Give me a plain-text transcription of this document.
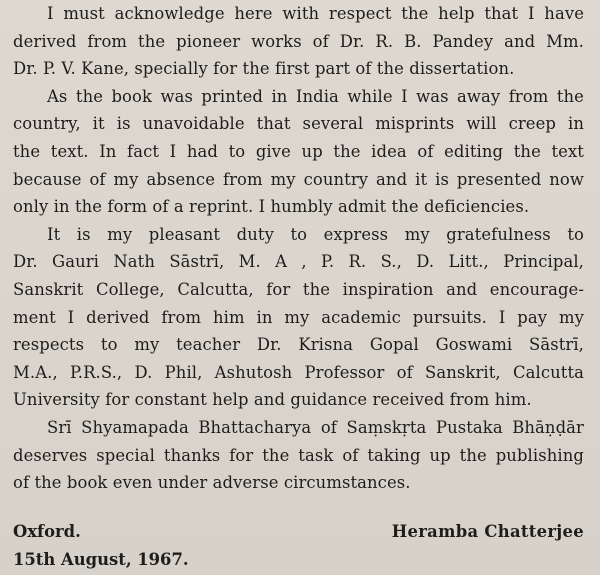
I must acknowledge here with respect the help that I have
derived from the pioneer works of Dr. R. B. Pandey and Mm.
Dr. P. V. Kane, specially for the first part of the dissertation.

As the book was printed in India while I was away from the
country, it is unavoidable that several misprints will creep in
the text. In fact I had to give up the idea of editing the text
because of my absence from my country and it is presented now
only in the form of a reprint. I humbly admit the deficiencies.

It is my pleasant duty to express my gratefulness to
Dr. Gauri Nath Sāstrī, M. A , P. R. S., D. Litt., Principal,
Sanskrit College, Calcutta, for the inspiration and encourage-
ment I derived from him in my academic pursuits. I pay my
respects to my teacher Dr. Krisna Gopal Goswami Sāstrī,
M.A., P.R.S., D. Phil, Ashutosh Professor of Sanskrit, Calcutta
University for constant help and guidance received from him.

Srī Shyamapada Bhattacharya of Saṃskṛta Pustaka Bhāṇḍār
deserves special thanks for the task of taking up the publishing
of the book even under adverse circumstances.

Oxford.	Heramba Chatterjee
15th August, 1967.
